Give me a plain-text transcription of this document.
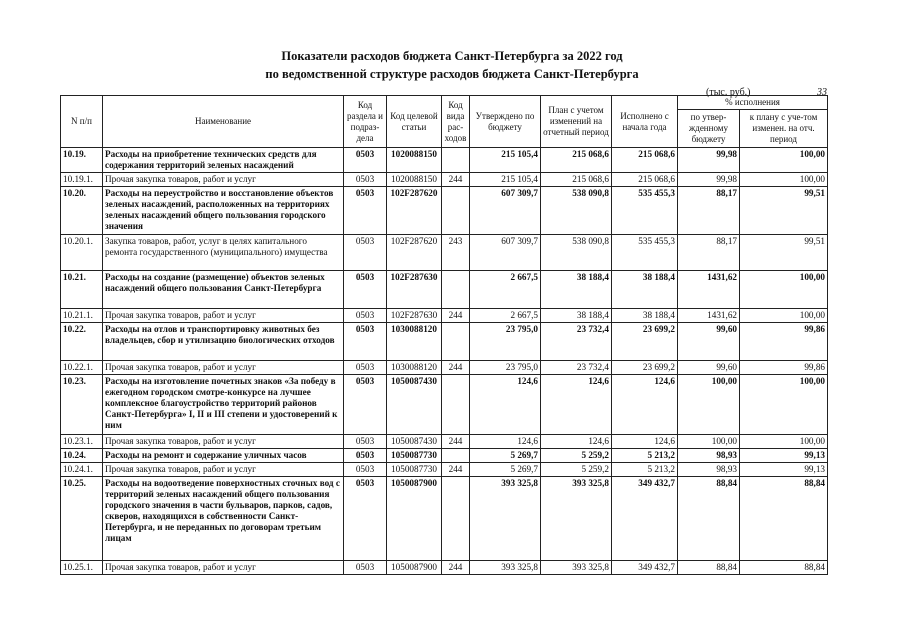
Показатели расходов бюджета Санкт-Петербурга за 2022 год
по ведомственной структуре расходов бюджета Санкт-Петербурга
(тыс. руб.)	33
N п/п	Наименование	Код раздела и подраз-дела	Код целевой статьи	Код вида рас-ходов	Утверждено по бюджету	План с учетом изменений на отчетный период	Исполнено с начала года	% исполнения	
								по утвер-жденному бюджету	к плану с уче-том изменен. на отч. период
10.19.	Расходы на приобретение технических средств для содержания территорий зеленых насаждений	0503	1020088150		215 105,4	215 068,6	215 068,6	99,98	100,00
10.19.1.	Прочая закупка товаров, работ и услуг	0503	1020088150	244	215 105,4	215 068,6	215 068,6	99,98	100,00
10.20.	Расходы на переустройство и восстановление объектов зеленых насаждений, расположенных на территориях зеленых насаждений общего пользования городского значения	0503	102F287620		607 309,7	538 090,8	535 455,3	88,17	99,51
10.20.1.	Закупка товаров, работ, услуг в целях капитального ремонта государственного (муниципального) имущества	0503	102F287620	243	607 309,7	538 090,8	535 455,3	88,17	99,51
10.21.	Расходы на создание (размещение) объектов зеленых насаждений общего пользования Санкт-Петербурга	0503	102F287630		2 667,5	38 188,4	38 188,4	1431,62	100,00
10.21.1.	Прочая закупка товаров, работ и услуг	0503	102F287630	244	2 667,5	38 188,4	38 188,4	1431,62	100,00
10.22.	Расходы на отлов и транспортировку животных без владельцев, сбор и утилизацию биологических отходов	0503	1030088120		23 795,0	23 732,4	23 699,2	99,60	99,86
10.22.1.	Прочая закупка товаров, работ и услуг	0503	1030088120	244	23 795,0	23 732,4	23 699,2	99,60	99,86
10.23.	Расходы на изготовление почетных знаков «За победу в ежегодном городском смотре-конкурсе на лучшее комплексное благоустройство территорий районов Санкт-Петербурга» I, II и III степени и удостоверений к ним	0503	1050087430		124,6	124,6	124,6	100,00	100,00
10.23.1.	Прочая закупка товаров, работ и услуг	0503	1050087430	244	124,6	124,6	124,6	100,00	100,00
10.24.	Расходы на ремонт и содержание уличных часов	0503	1050087730		5 269,7	5 259,2	5 213,2	98,93	99,13
10.24.1.	Прочая закупка товаров, работ и услуг	0503	1050087730	244	5 269,7	5 259,2	5 213,2	98,93	99,13
10.25.	Расходы на водоотведение поверхностных сточных вод с территорий зеленых насаждений общего пользования городского значения в части бульваров, парков, садов, скверов, находящихся в собственности Санкт-Петербурга, и не переданных по договорам третьим лицам	0503	1050087900		393 325,8	393 325,8	349 432,7	88,84	88,84
10.25.1.	Прочая закупка товаров, работ и услуг	0503	1050087900	244	393 325,8	393 325,8	349 432,7	88,84	88,84
